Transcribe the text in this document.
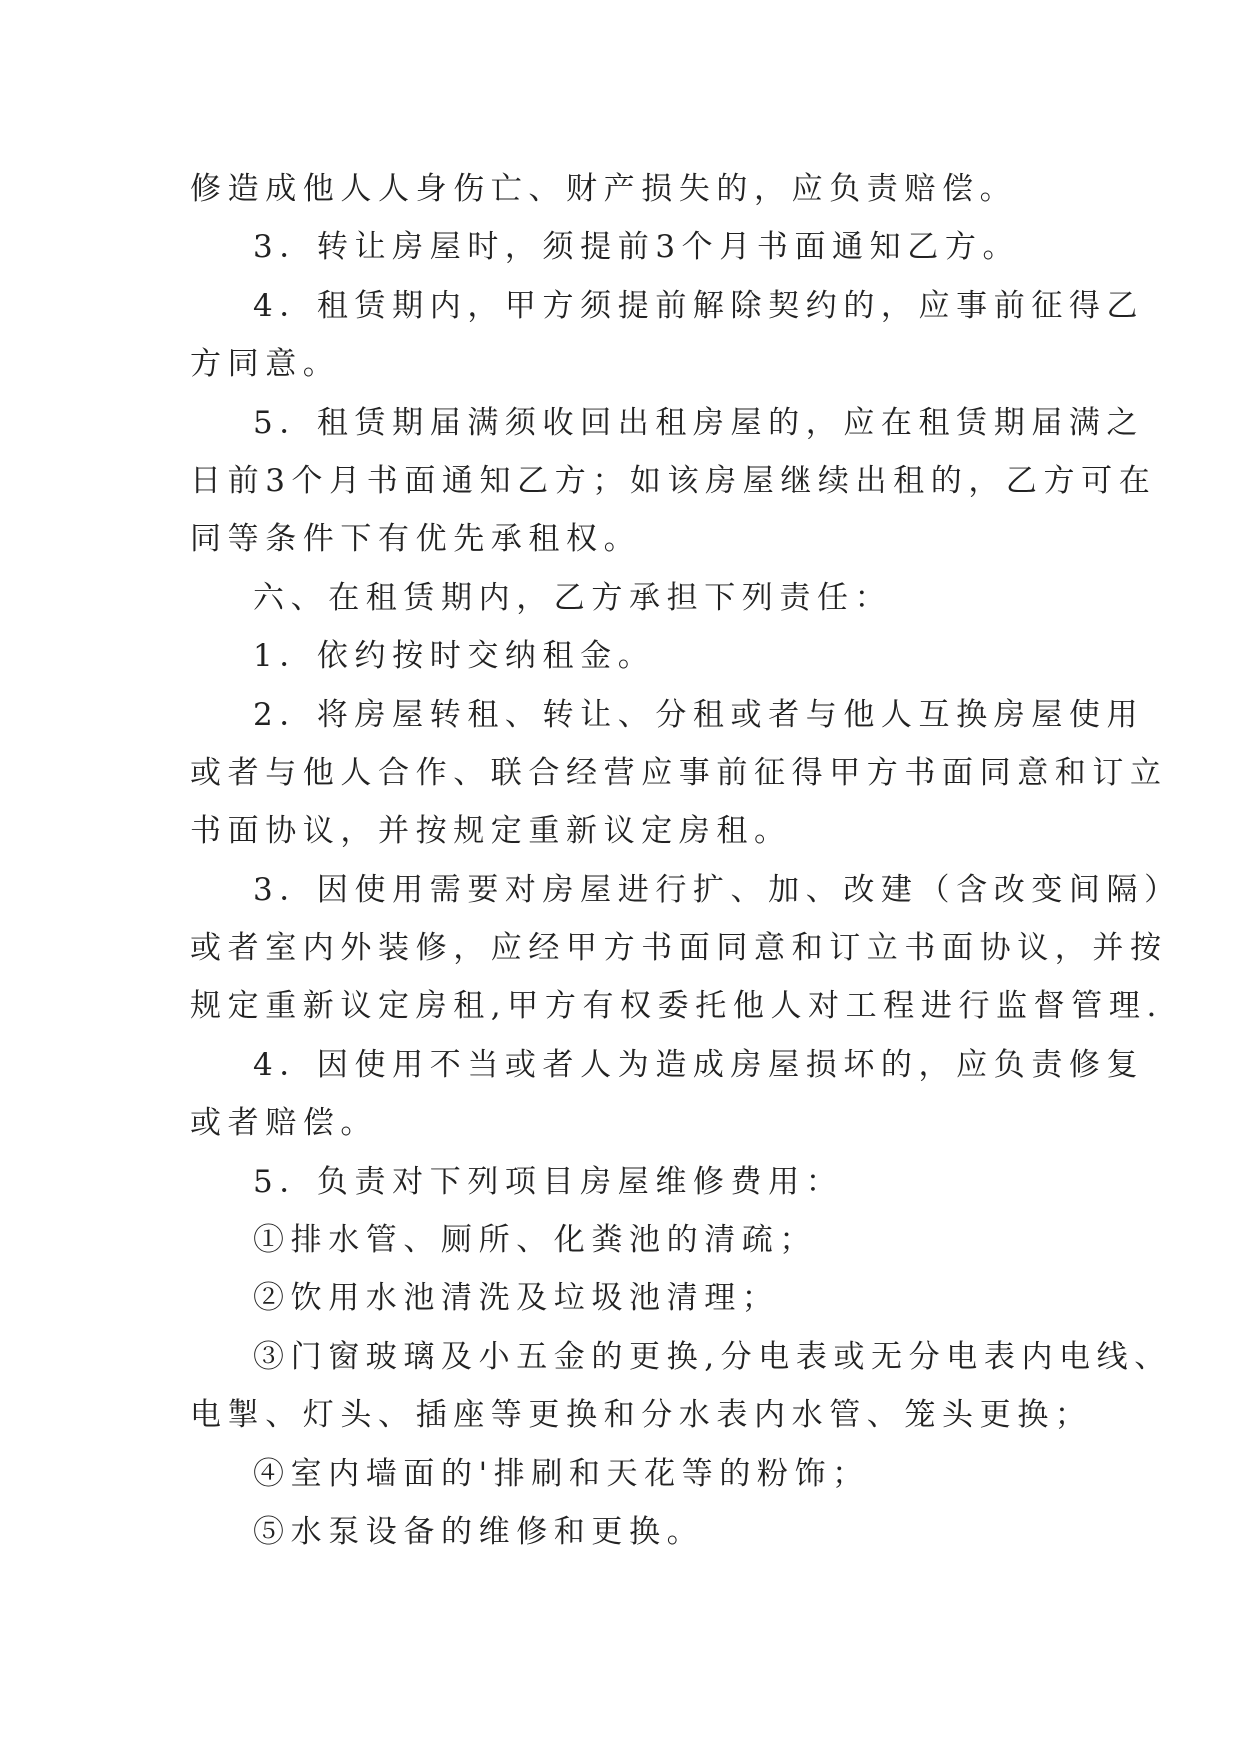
修造成他人人身伤亡、财产损失的，应负责赔偿。
3．转让房屋时，须提前3个月书面通知乙方。
4．租赁期内，甲方须提前解除契约的，应事前征得乙
方同意。
5．租赁期届满须收回出租房屋的，应在租赁期届满之
日前3个月书面通知乙方；如该房屋继续出租的，乙方可在
同等条件下有优先承租权。
六、在租赁期内，乙方承担下列责任：
1．依约按时交纳租金。
2．将房屋转租、转让、分租或者与他人互换房屋使用
或者与他人合作、联合经营应事前征得甲方书面同意和订立
书面协议，并按规定重新议定房租。
3．因使用需要对房屋进行扩、加、改建（含改变间隔）
或者室内外装修，应经甲方书面同意和订立书面协议，并按
规定重新议定房租,甲方有权委托他人对工程进行监督管理.
4．因使用不当或者人为造成房屋损坏的，应负责修复
或者赔偿。
5．负责对下列项目房屋维修费用：
①排水管、厕所、化粪池的清疏；
②饮用水池清洗及垃圾池清理；
③门窗玻璃及小五金的更换,分电表或无分电表内电线、
电掣、灯头、插座等更换和分水表内水管、笼头更换；
④室内墙面的'排刷和天花等的粉饰；
⑤水泵设备的维修和更换。
